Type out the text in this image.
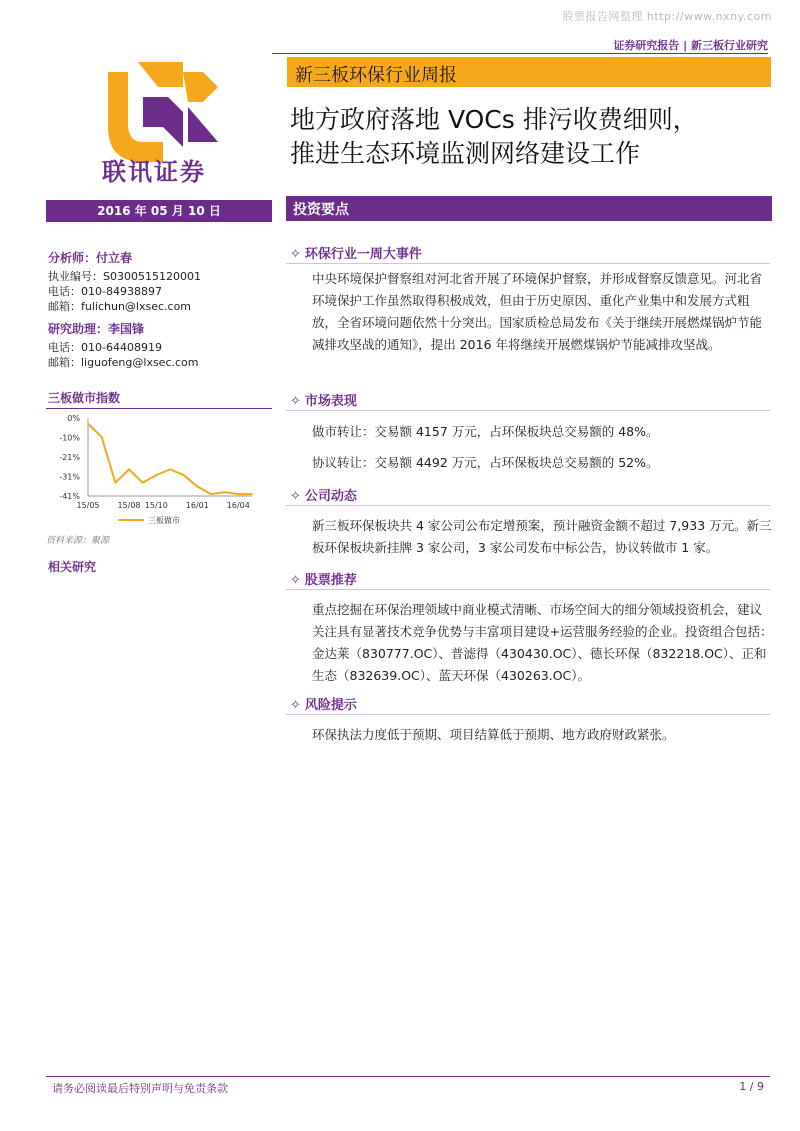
股票报告网整理 http://www.nxny.com
证券研究报告 | 新三板行业研究
联讯证券
新三板环保行业周报
地方政府落地 VOCs 排污收费细则，
推进生态环境监测网络建设工作
2016 年 05 月 10 日	投资要点
分析师：付立春
执业编号：S0300515120001
电话：010-84938897
邮箱：fulichun@lxsec.com
研究助理：李国锋
电话：010-64408919
邮箱：liguofeng@lxsec.com
三板做市指数
0%
-10%
-21%
-31%
-41%
15/05 15/08 15/10 16/01 16/04
三板做市
资料来源：聚源
相关研究
✧ 环保行业一周大事件
中央环境保护督察组对河北省开展了环境保护督察，并形成督察反馈意见。河北省环境保护工作虽然取得积极成效，但由于历史原因、重化产业集中和发展方式粗放，全省环境问题依然十分突出。国家质检总局发布《关于继续开展燃煤锅炉节能减排攻坚战的通知》，提出 2016 年将继续开展燃煤锅炉节能减排攻坚战。
✧ 市场表现
做市转让：交易额 4157 万元，占环保板块总交易额的 48%。
协议转让：交易额 4492 万元，占环保板块总交易额的 52%。
✧ 公司动态
新三板环保板块共 4 家公司公布定增预案，预计融资金额不超过 7,933 万元。新三板环保板块新挂牌 3 家公司，3 家公司发布中标公告，协议转做市 1 家。
✧ 股票推荐
重点挖掘在环保治理领域中商业模式清晰、市场空间大的细分领域投资机会，建议关注具有显著技术竞争优势与丰富项目建设+运营服务经验的企业。投资组合包括：金达莱（830777.OC）、普滤得（430430.OC）、德长环保（832218.OC）、正和生态（832639.OC）、蓝天环保（430263.OC）。
✧ 风险提示
环保执法力度低于预期、项目结算低于预期、地方政府财政紧张。
请务必阅读最后特别声明与免责条款	1 / 9
